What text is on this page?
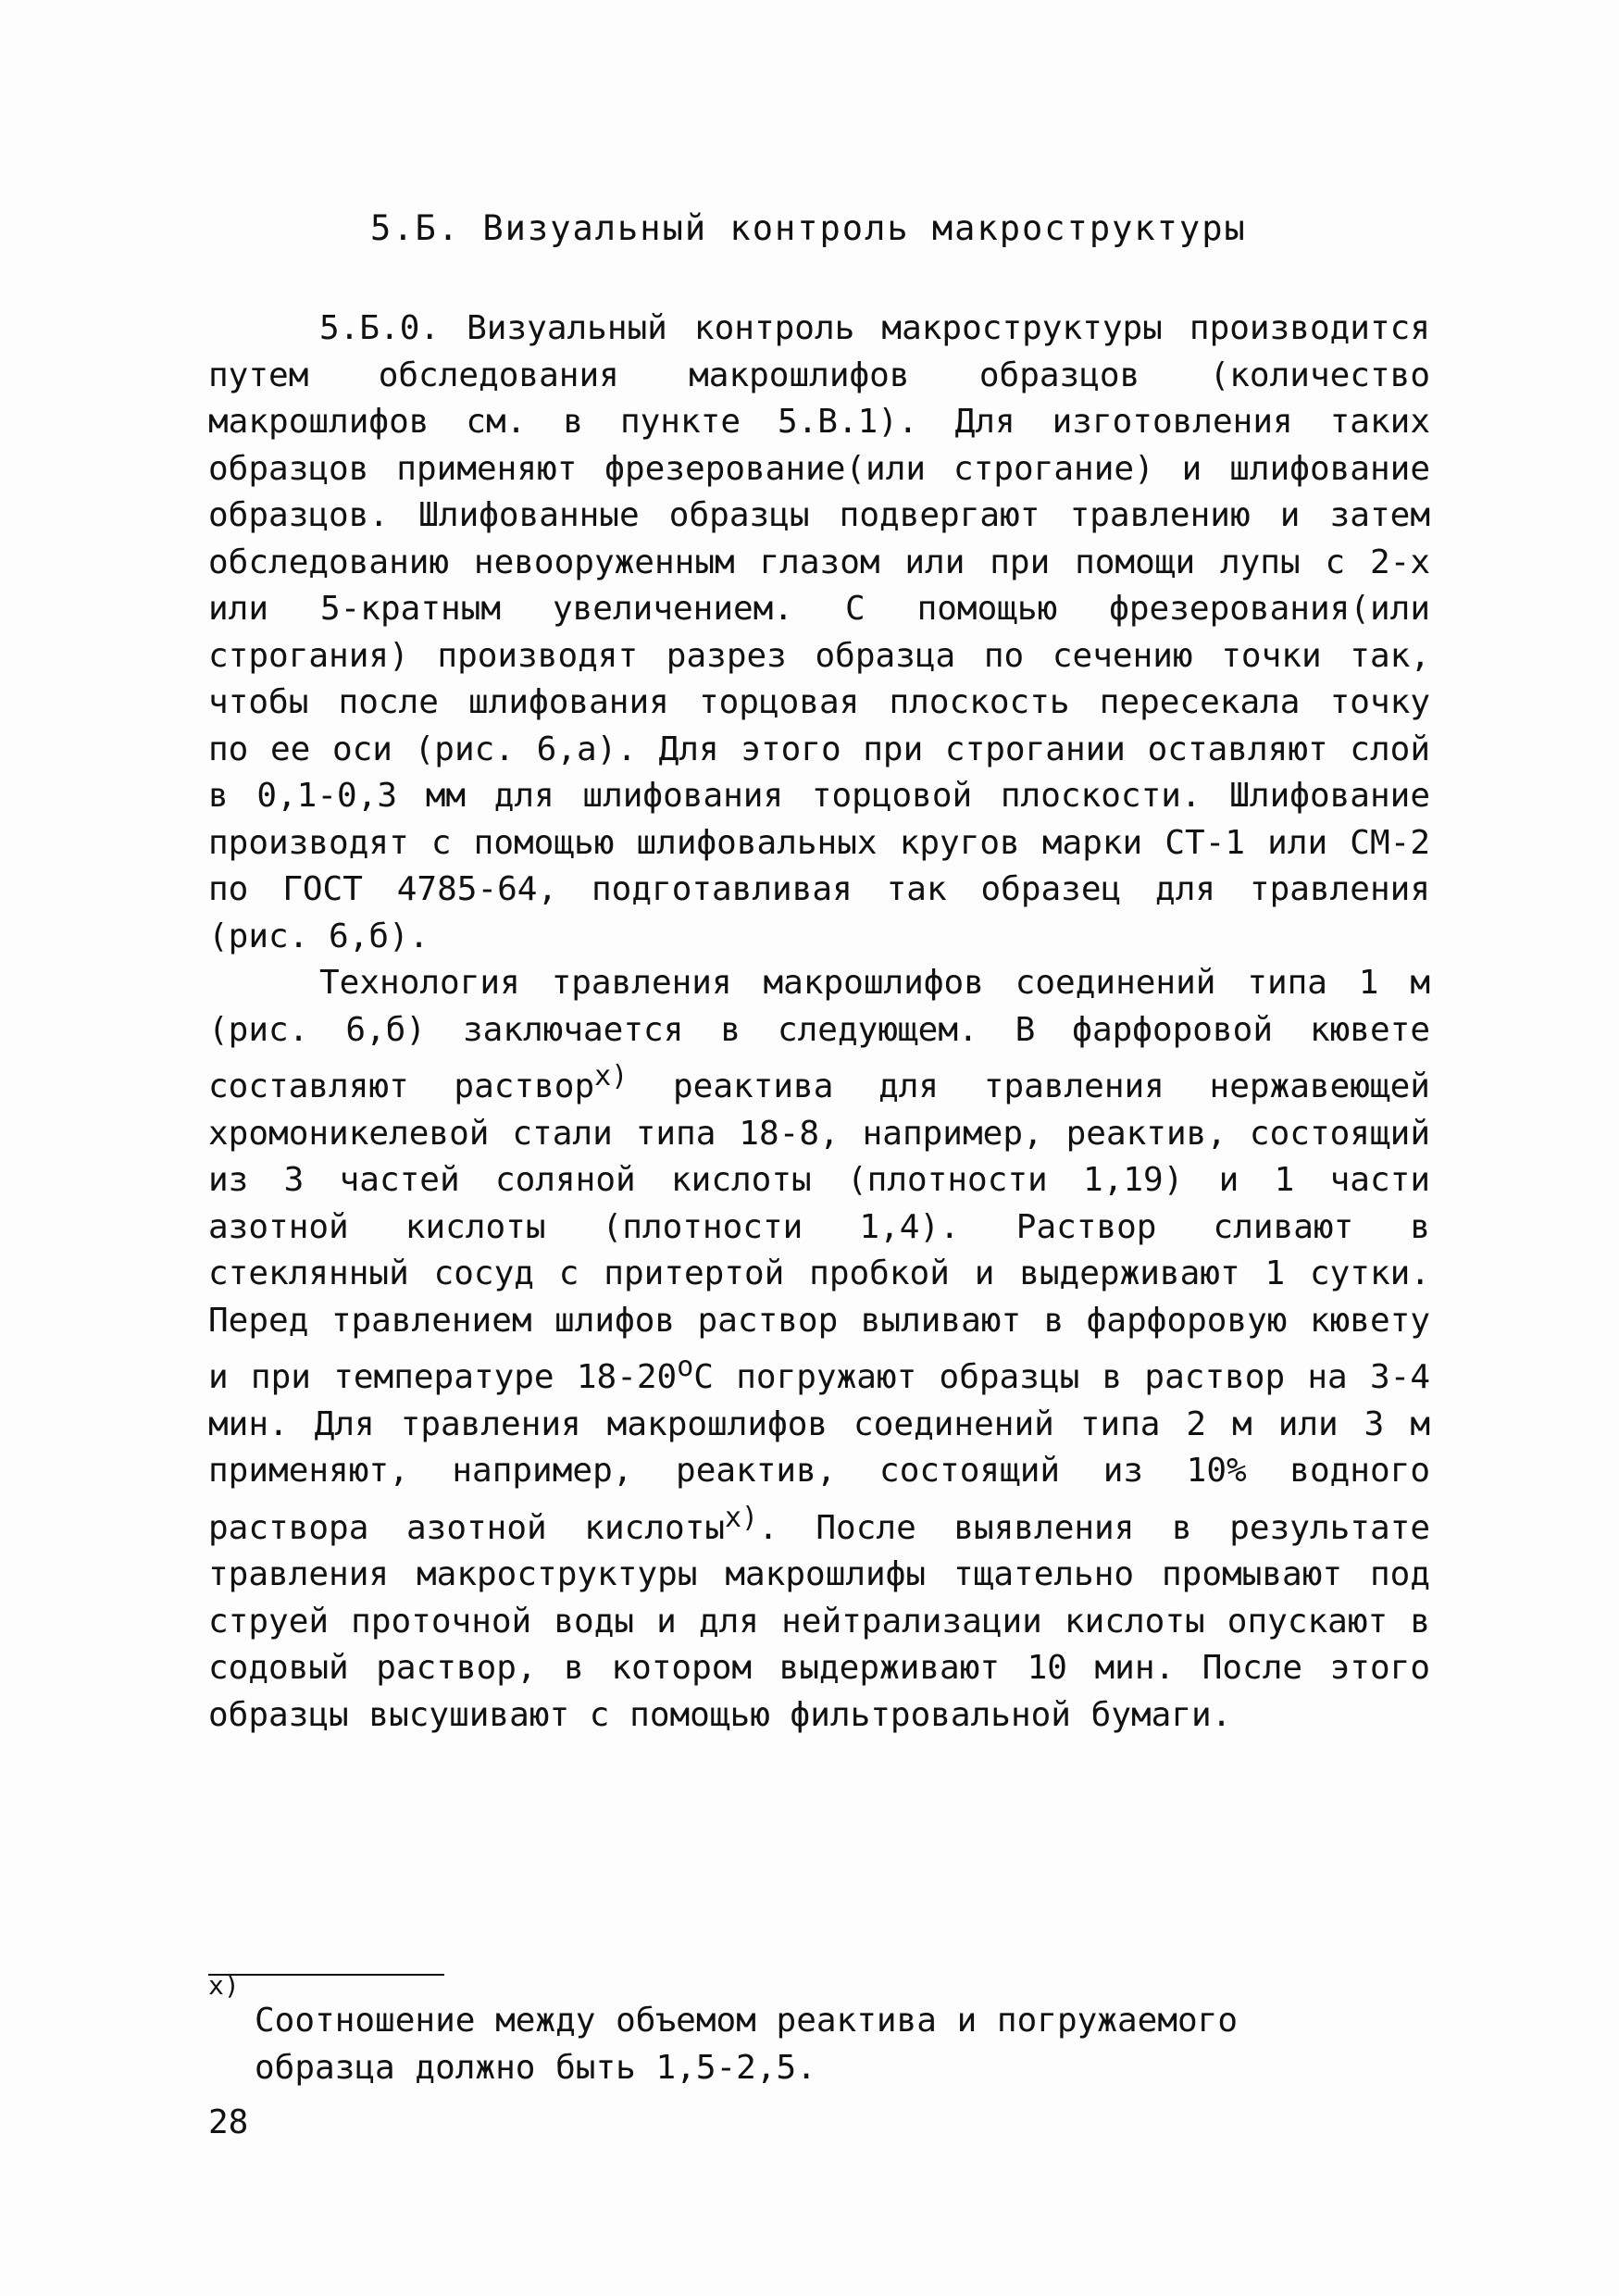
5.Б. Визуальный контроль макроструктуры

5.Б.0. Визуальный контроль макроструктуры производится путем обследования макрошлифов образцов (количество макрошлифов см. в пункте 5.В.1). Для изготовления таких образцов применяют фрезерование(или строгание) и шлифование образцов. Шлифованные образцы подвергают травлению и затем обследованию невооруженным глазом или при помощи лупы с 2-х или 5-кратным увеличением. С помощью фрезерования(или строгания) производят разрез образца по сечению точки так, чтобы после шлифования торцовая плоскость пересекала точку по ее оси (рис. 6,а). Для этого при строгании оставляют слой в 0,1-0,3 мм для шлифования торцовой плоскости. Шлифование производят с помощью шлифовальных кругов марки СТ-1 или СМ-2 по ГОСТ 4785-64, подготавливая так образец для травления (рис. 6,б).

Технология травления макрошлифов соединений типа 1 м (рис. 6,б) заключается в следующем. В фарфоровой кювете составляют раствор$^{x)}$ реактива для травления нержавеющей хромоникелевой стали типа 18-8, например, реактив, состоящий из 3 частей соляной кислоты (плотности 1,19) и 1 части азотной кислоты (плотности 1,4). Раствор сливают в стеклянный сосуд с притертой пробкой и выдерживают 1 сутки. Перед травлением шлифов раствор выливают в фарфоровую кювету и при температуре 18-20$^o$С погружают образцы в раствор на 3-4 мин. Для травления макрошлифов соединений типа 2 м или 3 м применяют, например, реактив, состоящий из 10% водного раствора азотной кислоты$^{x)}$. После выявления в результате травления макроструктуры макрошлифы тщательно промывают под струей проточной воды и для нейтрализации кислоты опускают в содовый раствор, в котором выдерживают 10 мин. После этого образцы высушивают с помощью фильтровальной бумаги.

x)

Соотношение между объемом реактива и погружаемого

образца должно быть 1,5-2,5.

28
